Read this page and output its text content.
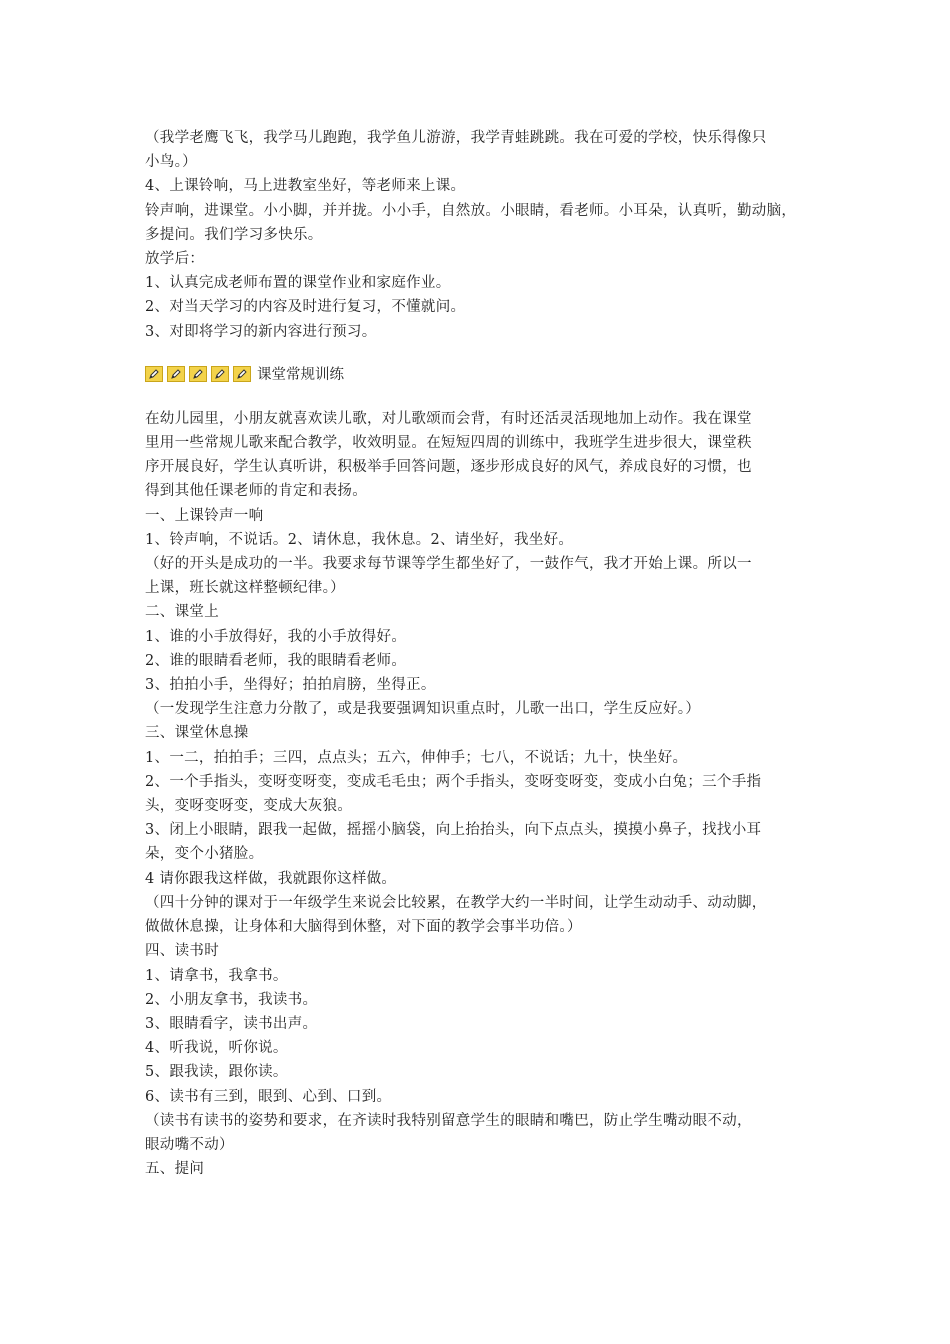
（我学老鹰飞飞，我学马儿跑跑，我学鱼儿游游，我学青蛙跳跳。我在可爱的学校，快乐得像只
小鸟。）
4、上课铃响，马上进教室坐好，等老师来上课。
铃声响，进课堂。小小脚，并并拢。小小手，自然放。小眼睛，看老师。小耳朵，认真听，勤动脑，
多提问。我们学习多快乐。
放学后：
1、认真完成老师布置的课堂作业和家庭作业。
2、对当天学习的内容及时进行复习，不懂就问。
3、对即将学习的新内容进行预习。
课堂常规训练
在幼儿园里，小朋友就喜欢读儿歌，对儿歌颂而会背，有时还活灵活现地加上动作。我在课堂
里用一些常规儿歌来配合教学，收效明显。在短短四周的训练中，我班学生进步很大，课堂秩
序开展良好，学生认真听讲，积极举手回答问题，逐步形成良好的风气，养成良好的习惯，也
得到其他任课老师的肯定和表扬。
一、上课铃声一响
1、铃声响，不说话。2、请休息，我休息。2、请坐好，我坐好。
（好的开头是成功的一半。我要求每节课等学生都坐好了，一鼓作气，我才开始上课。所以一
上课，班长就这样整顿纪律。）
二、课堂上
1、谁的小手放得好，我的小手放得好。
2、谁的眼睛看老师，我的眼睛看老师。
3、拍拍小手，坐得好；拍拍肩膀，坐得正。
（一发现学生注意力分散了，或是我要强调知识重点时，儿歌一出口，学生反应好。）
三、课堂休息操
1、一二，拍拍手；三四，点点头；五六，伸伸手；七八，不说话；九十，快坐好。
2、一个手指头，变呀变呀变，变成毛毛虫；两个手指头，变呀变呀变，变成小白兔；三个手指
头，变呀变呀变，变成大灰狼。
3、闭上小眼睛，跟我一起做，摇摇小脑袋，向上抬抬头，向下点点头，摸摸小鼻子，找找小耳
朵，变个小猪脸。
4 请你跟我这样做，我就跟你这样做。
（四十分钟的课对于一年级学生来说会比较累，在教学大约一半时间，让学生动动手、动动脚，
做做休息操，让身体和大脑得到休整，对下面的教学会事半功倍。）
四、读书时
1、请拿书，我拿书。
2、小朋友拿书，我读书。
3、眼睛看字，读书出声。
4、听我说，听你说。
5、跟我读，跟你读。
6、读书有三到，眼到、心到、口到。
（读书有读书的姿势和要求，在齐读时我特别留意学生的眼睛和嘴巴，防止学生嘴动眼不动，
眼动嘴不动）
五、提问
